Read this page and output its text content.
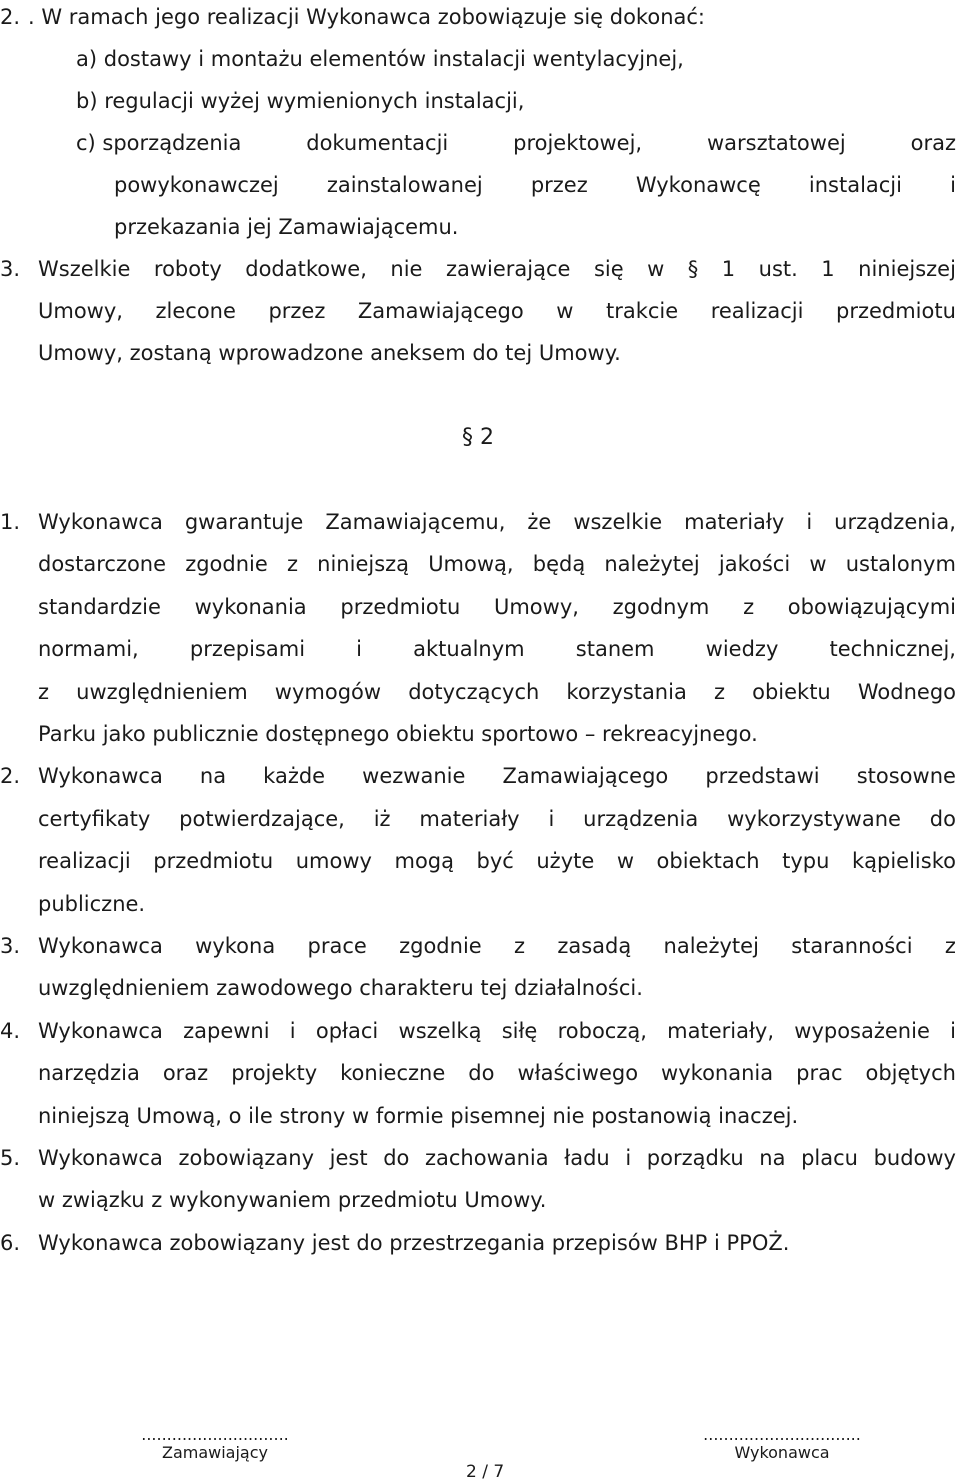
2. . W ramach jego realizacji Wykonawca zobowiązuje się dokonać:
a) dostawy i montażu elementów instalacji wentylacyjnej,
b) regulacji wyżej wymienionych instalacji,
c) sporządzenia	dokumentacji	projektowej,	warsztatowej	oraz
powykonawczej zainstalowanej przez Wykonawcę instalacji i
przekazania jej Zamawiającemu.
3. Wszelkie roboty dodatkowe, nie zawierające się w § 1 ust. 1 niniejszej
Umowy, zlecone przez Zamawiającego w trakcie realizacji przedmiotu
Umowy, zostaną wprowadzone aneksem do tej Umowy.
§ 2
1. Wykonawca gwarantuje Zamawiającemu, że wszelkie materiały i urządzenia,
dostarczone zgodnie z niniejszą Umową, będą należytej jakości w ustalonym
standardzie wykonania przedmiotu Umowy, zgodnym z obowiązującymi
normami, przepisami i aktualnym stanem wiedzy technicznej,
z uwzględnieniem wymogów dotyczących korzystania z obiektu Wodnego
Parku jako publicznie dostępnego obiektu sportowo – rekreacyjnego.
2. Wykonawca na każde wezwanie Zamawiającego przedstawi stosowne
certyfikaty potwierdzające, iż materiały i urządzenia wykorzystywane do
realizacji przedmiotu umowy mogą być użyte w obiektach typu kąpielisko
publiczne.
3. Wykonawca wykona prace zgodnie z zasadą należytej staranności z
uwzględnieniem zawodowego charakteru tej działalności.
4. Wykonawca zapewni i opłaci wszelką siłę roboczą, materiały, wyposażenie i
narzędzia oraz projekty konieczne do właściwego wykonania prac objętych
niniejszą Umową, o ile strony w formie pisemnej nie postanowią inaczej.
5. Wykonawca zobowiązany jest do zachowania ładu i porządku na placu budowy
w związku z wykonywaniem przedmiotu Umowy.
6. Wykonawca zobowiązany jest do przestrzegania przepisów BHP i PPOŻ.
.............................
Zamawiający
...............................
Wykonawca
2 / 7
